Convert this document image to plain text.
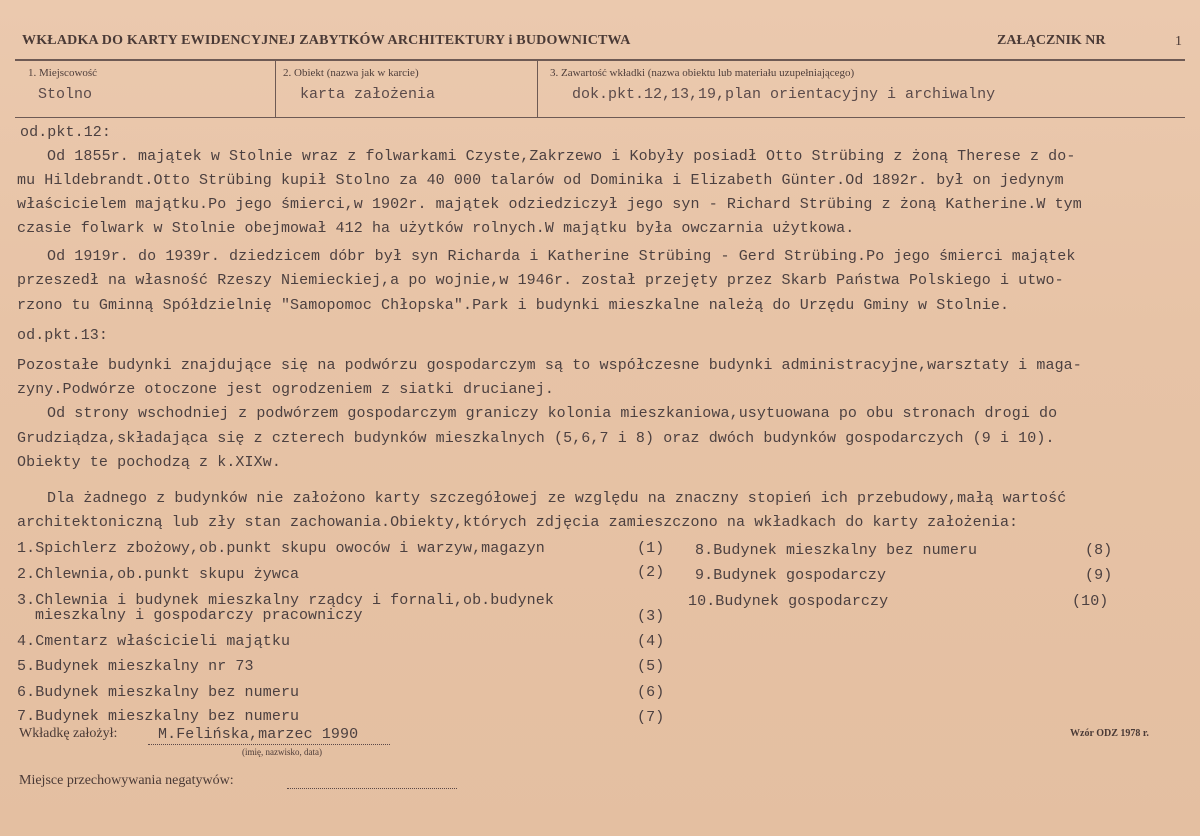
WKŁADKA DO KARTY EWIDENCYJNEJ ZABYTKÓW ARCHITEKTURY i BUDOWNICTWA	ZAŁĄCZNIK NR	1
1. Miejscowość
Stolno
2. Obiekt (nazwa jak w karcie)
karta założenia
3. Zawartość wkładki (nazwa obiektu lub materiału uzupełniającego)
dok.pkt.12,13,19,plan orientacyjny i archiwalny
od.pkt.12:
Od 1855r. majątek w Stolnie wraz z folwarkami Czyste,Zakrzewo i Kobyły posiadł Otto Strübing z żoną Therese z do-
mu Hildebrandt.Otto Strübing kupił Stolno za 40 000 talarów od Dominika i Elizabeth Günter.Od 1892r. był on jedynym
właścicielem majątku.Po jego śmierci,w 1902r. majątek odziedziczył jego syn - Richard Strübing z żoną Katherine.W tym
czasie folwark w Stolnie obejmował 412 ha użytków rolnych.W majątku była owczarnia użytkowa.
Od 1919r. do 1939r. dziedzicem dóbr był syn Richarda i Katherine Strübing - Gerd Strübing.Po jego śmierci majątek
przeszedł na własność Rzeszy Niemieckiej,a po wojnie,w 1946r. został przejęty przez Skarb Państwa Polskiego i utwo-
rzono tu Gminną Spółdzielnię "Samopomoc Chłopska".Park i budynki mieszkalne należą do Urzędu Gminy w Stolnie.
od.pkt.13:
Pozostałe budynki znajdujące się na podwórzu gospodarczym są to współczesne budynki administracyjne,warsztaty i maga-
zyny.Podwórze otoczone jest ogrodzeniem z siatki drucianej.
Od strony wschodniej z podwórzem gospodarczym graniczy kolonia mieszkaniowa,usytuowana po obu stronach drogi do
Grudziądza,składająca się z czterech budynków mieszkalnych (5,6,7 i 8) oraz dwóch budynków gospodarczych (9 i 10).
Obiekty te pochodzą z k.XIXw.
Dla żadnego z budynków nie założono karty szczegółowej ze względu na znaczny stopień ich przebudowy,małą wartość
architektoniczną lub zły stan zachowania.Obiekty,których zdjęcia zamieszczono na wkładkach do karty założenia:
1.Spichlerz zbożowy,ob.punkt skupu owoców i warzyw,magazyn	(1)
2.Chlewnia,ob.punkt skupu żywca	(2)
3.Chlewnia i budynek mieszkalny rządcy i fornali,ob.budynek
mieszkalny i gospodarczy pracowniczy	(3)
4.Cmentarz właścicieli majątku	(4)
5.Budynek mieszkalny nr 73	(5)
6.Budynek mieszkalny bez numeru	(6)
7.Budynek mieszkalny bez numeru	(7)
8.Budynek mieszkalny bez numeru	(8)
9.Budynek gospodarczy	(9)
10.Budynek gospodarczy	(10)
Wkładkę założył:	M.Felińska,marzec 1990
(imię, nazwisko, data)
Wzór ODZ 1978 r.
Miejsce przechowywania negatywów:
